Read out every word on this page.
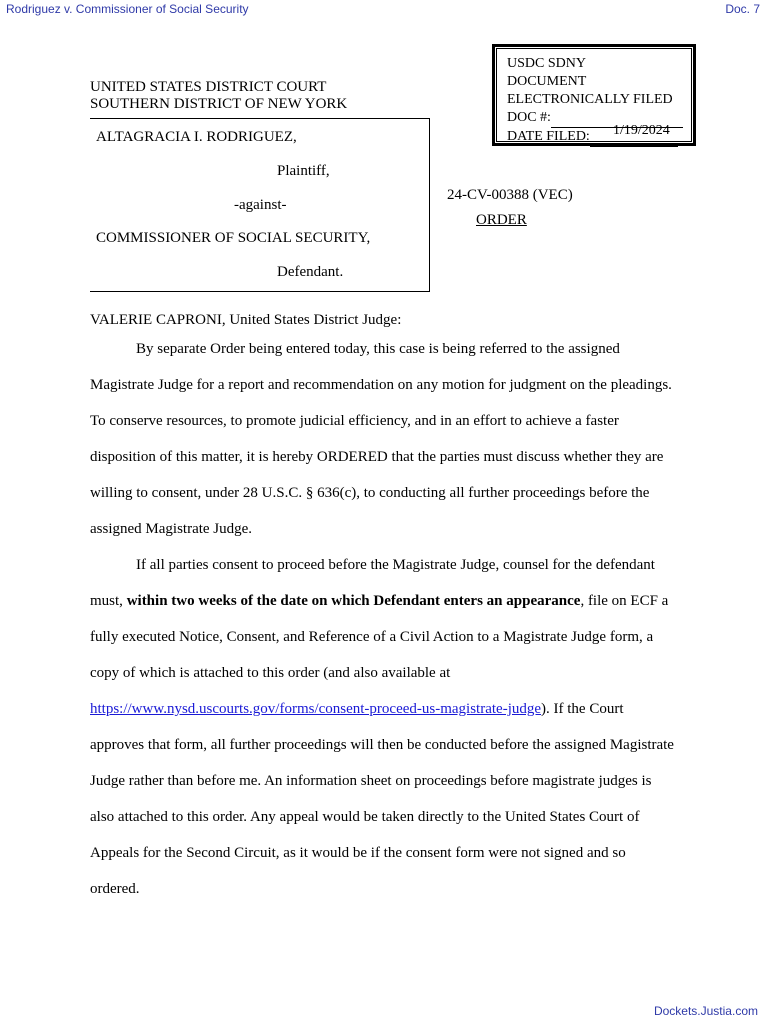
Rodriguez v. Commissioner of Social Security	Doc. 7
UNITED STATES DISTRICT COURT
SOUTHERN DISTRICT OF NEW YORK
USDC SDNY
DOCUMENT
ELECTRONICALLY FILED
DOC #:
DATE FILED:	1/19/2024
ALTAGRACIA I. RODRIGUEZ,
Plaintiff,
-against-
COMMISSIONER OF SOCIAL SECURITY,
Defendant.
24-CV-00388 (VEC)
ORDER
VALERIE CAPRONI, United States District Judge:
By separate Order being entered today, this case is being referred to the assigned
Magistrate Judge for a report and recommendation on any motion for judgment on the pleadings.
To conserve resources, to promote judicial efficiency, and in an effort to achieve a faster
disposition of this matter, it is hereby ORDERED that the parties must discuss whether they are
willing to consent, under 28 U.S.C. § 636(c), to conducting all further proceedings before the
assigned Magistrate Judge.
If all parties consent to proceed before the Magistrate Judge, counsel for the defendant
must, within two weeks of the date on which Defendant enters an appearance, file on ECF a
fully executed Notice, Consent, and Reference of a Civil Action to a Magistrate Judge form, a
copy of which is attached to this order (and also available at
https://www.nysd.uscourts.gov/forms/consent-proceed-us-magistrate-judge). If the Court
approves that form, all further proceedings will then be conducted before the assigned Magistrate
Judge rather than before me. An information sheet on proceedings before magistrate judges is
also attached to this order. Any appeal would be taken directly to the United States Court of
Appeals for the Second Circuit, as it would be if the consent form were not signed and so
ordered.
Dockets.Justia.com
